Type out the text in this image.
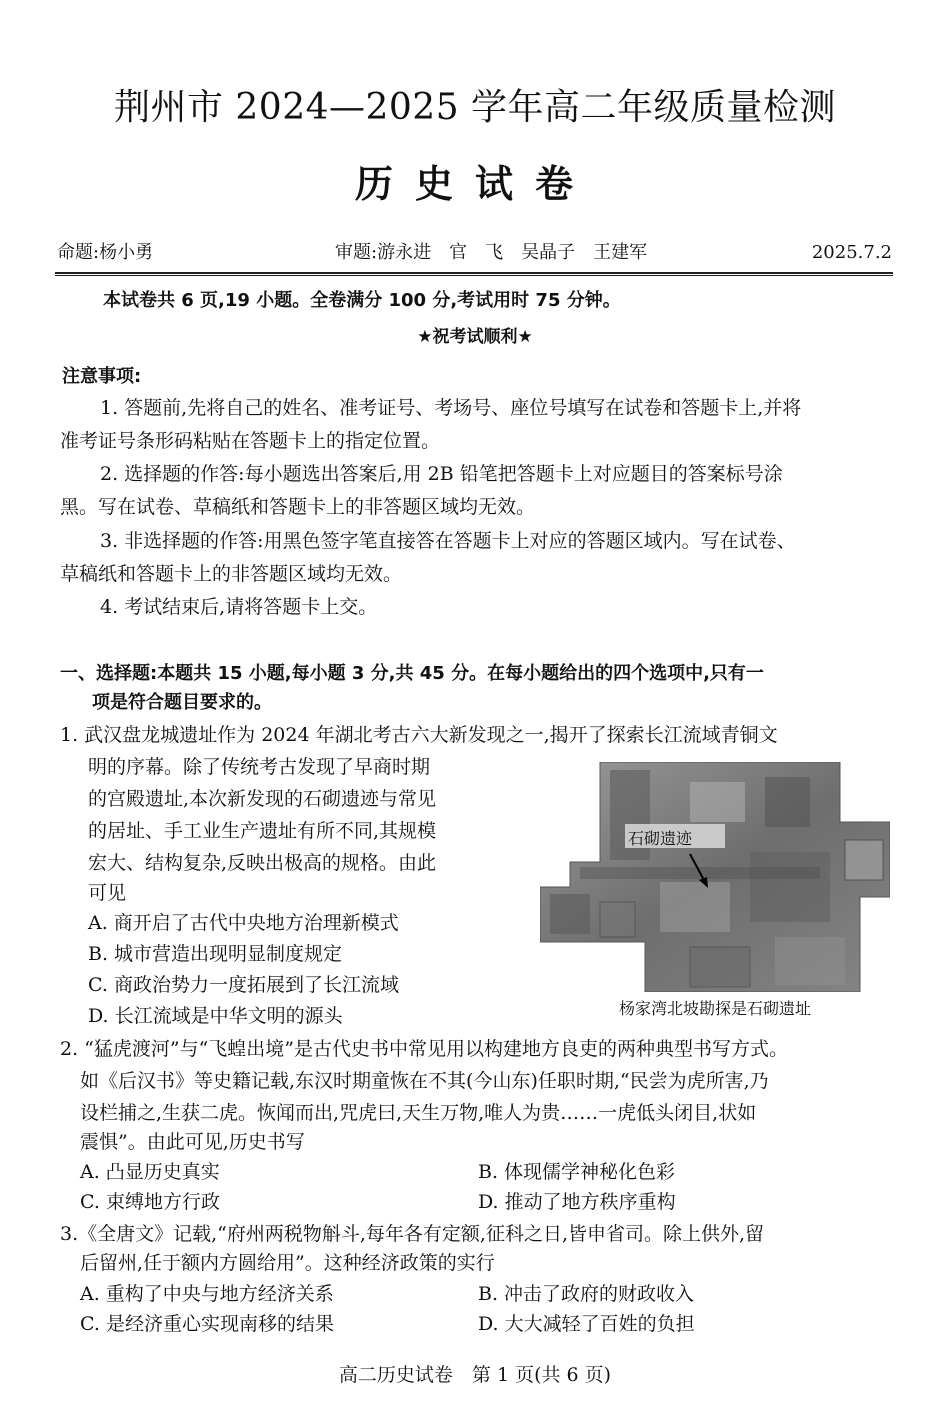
荆州市 2024—2025 学年高二年级质量检测
历史试卷
命题:杨小勇	审题:游永进　官　飞　吴晶子　王建军	2025.7.2
本试卷共 6 页,19 小题。全卷满分 100 分,考试用时 75 分钟。
★祝考试顺利★
注意事项:
1. 答题前,先将自己的姓名、准考证号、考场号、座位号填写在试卷和答题卡上,并将
准考证号条形码粘贴在答题卡上的指定位置。
2. 选择题的作答:每小题选出答案后,用 2B 铅笔把答题卡上对应题目的答案标号涂
黑。写在试卷、草稿纸和答题卡上的非答题区域均无效。
3. 非选择题的作答:用黑色签字笔直接答在答题卡上对应的答题区域内。写在试卷、
草稿纸和答题卡上的非答题区域均无效。
4. 考试结束后,请将答题卡上交。
一、选择题:本题共 15 小题,每小题 3 分,共 45 分。在每小题给出的四个选项中,只有一
项是符合题目要求的。
1. 武汉盘龙城遗址作为 2024 年湖北考古六大新发现之一,揭开了探索长江流域青铜文
明的序幕。除了传统考古发现了早商时期
的宫殿遗址,本次新发现的石砌遗迹与常见
的居址、手工业生产遗址有所不同,其规模
宏大、结构复杂,反映出极高的规格。由此
可见
A. 商开启了古代中央地方治理新模式
B. 城市营造出现明显制度规定
C. 商政治势力一度拓展到了长江流域
D. 长江流域是中华文明的源头
石砌遗迹
杨家湾北坡勘探是石砌遗址
2. “猛虎渡河”与“飞蝗出境”是古代史书中常见用以构建地方良吏的两种典型书写方式。
如《后汉书》等史籍记载,东汉时期童恢在不其(今山东)任职时期,“民尝为虎所害,乃
设栏捕之,生获二虎。恢闻而出,咒虎曰,天生万物,唯人为贵……一虎低头闭目,状如
震惧”。由此可见,历史书写
A. 凸显历史真实	B. 体现儒学神秘化色彩
C. 束缚地方行政	D. 推动了地方秩序重构
3.《全唐文》记载,“府州两税物斛斗,每年各有定额,征科之日,皆申省司。除上供外,留
后留州,任于额内方圆给用”。这种经济政策的实行
A. 重构了中央与地方经济关系	B. 冲击了政府的财政收入
C. 是经济重心实现南移的结果	D. 大大减轻了百姓的负担
高二历史试卷　第 1 页(共 6 页)
